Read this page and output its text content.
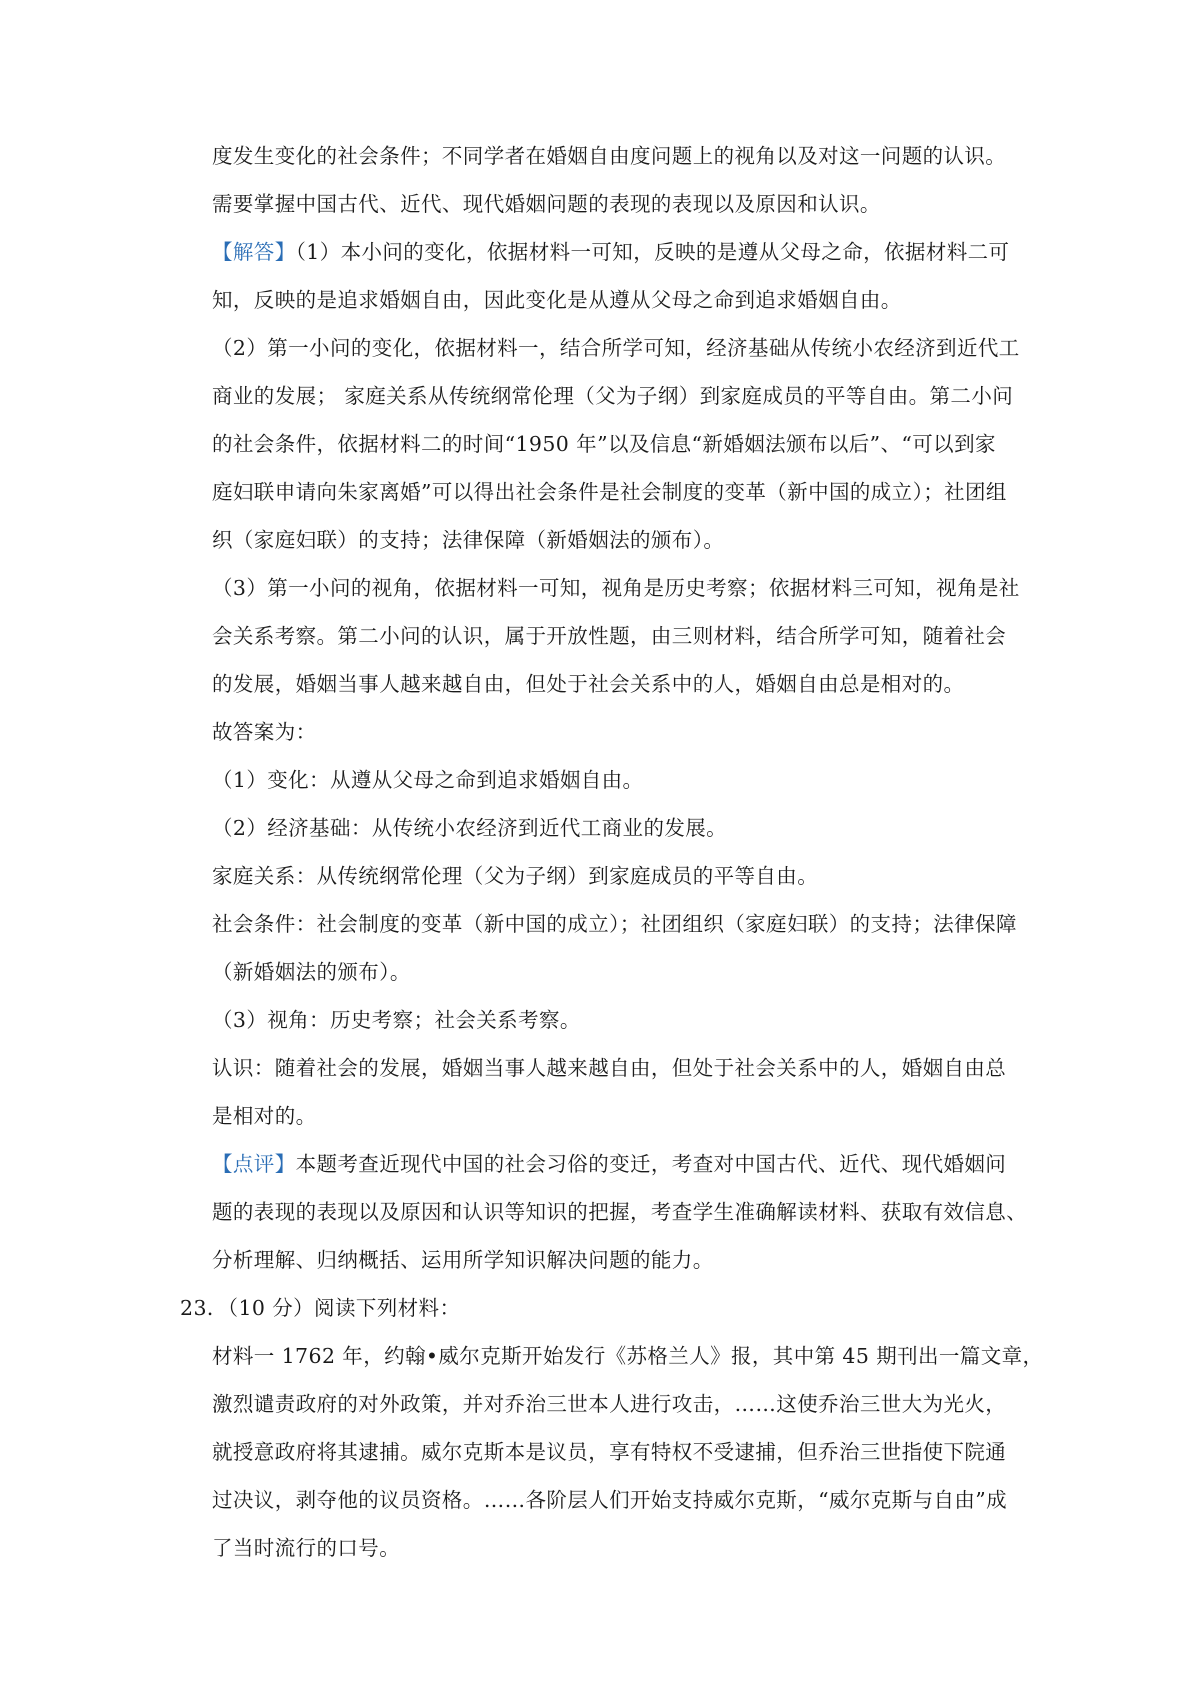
度发生变化的社会条件；不同学者在婚姻自由度问题上的视角以及对这一问题的认识。
需要掌握中国古代、近代、现代婚姻问题的表现的表现以及原因和认识。
【解答】（1）本小问的变化，依据材料一可知，反映的是遵从父母之命，依据材料二可
知，反映的是追求婚姻自由，因此变化是从遵从父母之命到追求婚姻自由。
（2）第一小问的变化，依据材料一，结合所学可知，经济基础从传统小农经济到近代工
商业的发展； 家庭关系从传统纲常伦理（父为子纲）到家庭成员的平等自由。第二小问
的社会条件，依据材料二的时间“1950 年”以及信息“新婚姻法颁布以后”、“可以到家
庭妇联申请向朱家离婚”可以得出社会条件是社会制度的变革（新中国的成立）；社团组
织（家庭妇联）的支持；法律保障（新婚姻法的颁布）。
（3）第一小问的视角，依据材料一可知，视角是历史考察；依据材料三可知，视角是社
会关系考察。第二小问的认识，属于开放性题，由三则材料，结合所学可知，随着社会
的发展，婚姻当事人越来越自由，但处于社会关系中的人，婚姻自由总是相对的。
故答案为：
（1）变化：从遵从父母之命到追求婚姻自由。
（2）经济基础：从传统小农经济到近代工商业的发展。
家庭关系：从传统纲常伦理（父为子纲）到家庭成员的平等自由。
社会条件：社会制度的变革（新中国的成立）；社团组织（家庭妇联）的支持；法律保障
（新婚姻法的颁布）。
（3）视角：历史考察；社会关系考察。
认识：随着社会的发展，婚姻当事人越来越自由，但处于社会关系中的人，婚姻自由总
是相对的。
【点评】本题考查近现代中国的社会习俗的变迁，考查对中国古代、近代、现代婚姻问
题的表现的表现以及原因和认识等知识的把握，考查学生准确解读材料、获取有效信息、
分析理解、归纳概括、运用所学知识解决问题的能力。
23．（10 分）阅读下列材料：
材料一 1762 年，约翰•威尔克斯开始发行《苏格兰人》报，其中第 45 期刊出一篇文章，
激烈谴责政府的对外政策，并对乔治三世本人进行攻击，……这使乔治三世大为光火，
就授意政府将其逮捕。威尔克斯本是议员，享有特权不受逮捕，但乔治三世指使下院通
过决议，剥夺他的议员资格。……各阶层人们开始支持威尔克斯，“威尔克斯与自由”成
了当时流行的口号。
